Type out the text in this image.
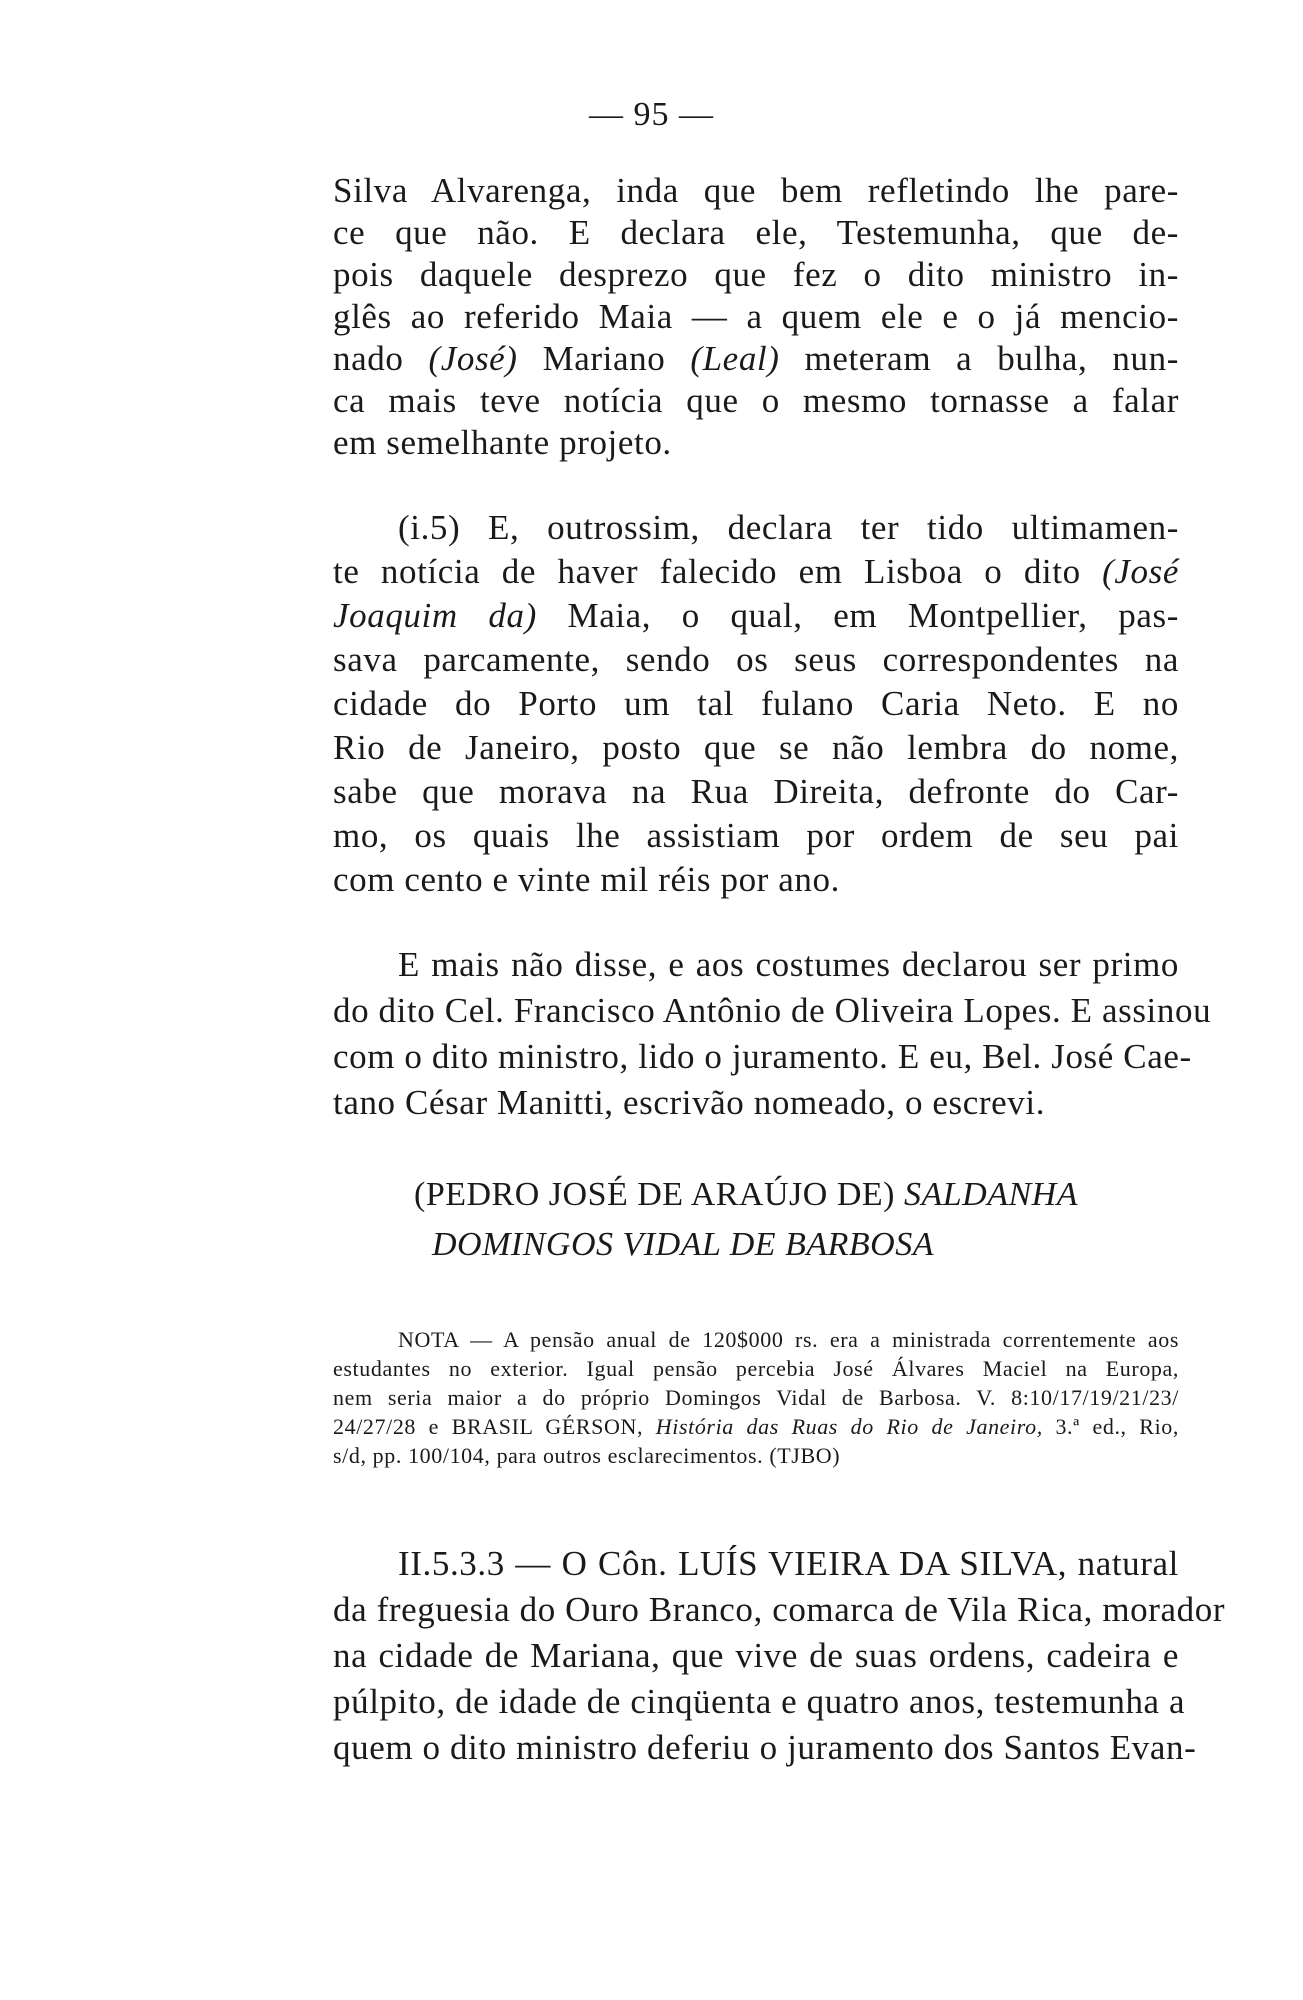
— 95 —
Silva Alvarenga, inda que bem refletindo lhe pare-
ce que não. E declara ele, Testemunha, que de-
pois daquele desprezo que fez o dito ministro in-
glês ao referido Maia — a quem ele e o já mencio-
nado (José) Mariano (Leal) meteram a bulha, nun-
ca mais teve notícia que o mesmo tornasse a falar
em semelhante projeto.
(i.5) E, outrossim, declara ter tido ultimamen-
te notícia de haver falecido em Lisboa o dito (José
Joaquim da) Maia, o qual, em Montpellier, pas-
sava parcamente, sendo os seus correspondentes na
cidade do Porto um tal fulano Caria Neto. E no
Rio de Janeiro, posto que se não lembra do nome,
sabe que morava na Rua Direita, defronte do Car-
mo, os quais lhe assistiam por ordem de seu pai
com cento e vinte mil réis por ano.
E mais não disse, e aos costumes declarou ser primo
do dito Cel. Francisco Antônio de Oliveira Lopes. E assinou
com o dito ministro, lido o juramento. E eu, Bel. José Cae-
tano César Manitti, escrivão nomeado, o escrevi.
(PEDRO JOSÉ DE ARAÚJO DE) SALDANHA
DOMINGOS VIDAL DE BARBOSA
NOTA — A pensão anual de 120$000 rs. era a ministrada correntemente aos
estudantes no exterior. Igual pensão percebia José Álvares Maciel na Europa,
nem seria maior a do próprio Domingos Vidal de Barbosa. V. 8:10/17/19/21/23/
24/27/28 e BRASIL GÉRSON, História das Ruas do Rio de Janeiro, 3.ª ed., Rio,
s/d, pp. 100/104, para outros esclarecimentos. (TJBO)
II.5.3.3 — O Côn. LUÍS VIEIRA DA SILVA, natural
da freguesia do Ouro Branco, comarca de Vila Rica, morador
na cidade de Mariana, que vive de suas ordens, cadeira e
púlpito, de idade de cinqüenta e quatro anos, testemunha a
quem o dito ministro deferiu o juramento dos Santos Evan-
